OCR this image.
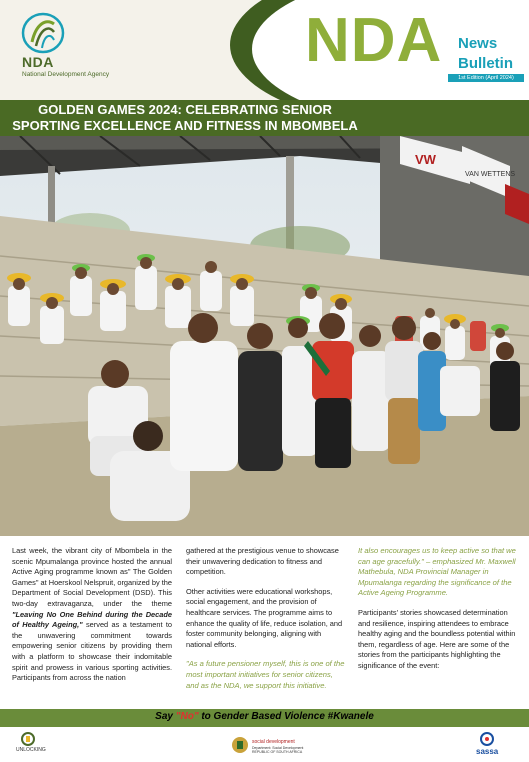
NDA
National Development Agency	NDA News
Bulletin
1st Edition (April 2024)
GOLDEN GAMES 2024: CELEBRATING SENIOR SPORTING EXCELLENCE AND FITNESS IN MBOMBELA
VW
VAN WETTENS

Last week, the vibrant city of Mbombela in the scenic Mpumalanga province hosted the annual Active Aging programme known as" The Golden Games" at Hoerskool Nelspruit, organized by the Department of Social Development (DSD). This two-day extravaganza, under the theme "Leaving No One Behind during the Decade of Healthy Ageing," served as a testament to the unwavering commitment towards empowering senior citizens by providing them with a platform to showcase their indomitable spirit and prowess in various sporting activities. Participants from across the nation

gathered at the prestigious venue to showcase their unwavering dedication to fitness and competition.

Other activities were educational workshops, social engagement, and the provision of healthcare services. The programme aims to enhance the quality of life, reduce isolation, and foster community belonging, aligning with national efforts.

"As a future pensioner myself, this is one of the most important initiatives for senior citizens, and as the NDA, we support this initiative.

It also encourages us to keep active so that we can age gracefully." – emphasized Mr. Maxwell Mathebula, NDA Provincial Manager in Mpumalanga regarding the significance of the Active Ageing Programme.

Participants' stories showcased determination and resilience, inspiring attendees to embrace healthy aging and the boundless potential within them, regardless of age. Here are some of the stories from the participants highlighting the significance of the event:

Say "No" to Gender Based Violence #Kwanele
UNLOCKING
social development
Department: Social Development REPUBLIC OF SOUTH AFRICA	sassa
